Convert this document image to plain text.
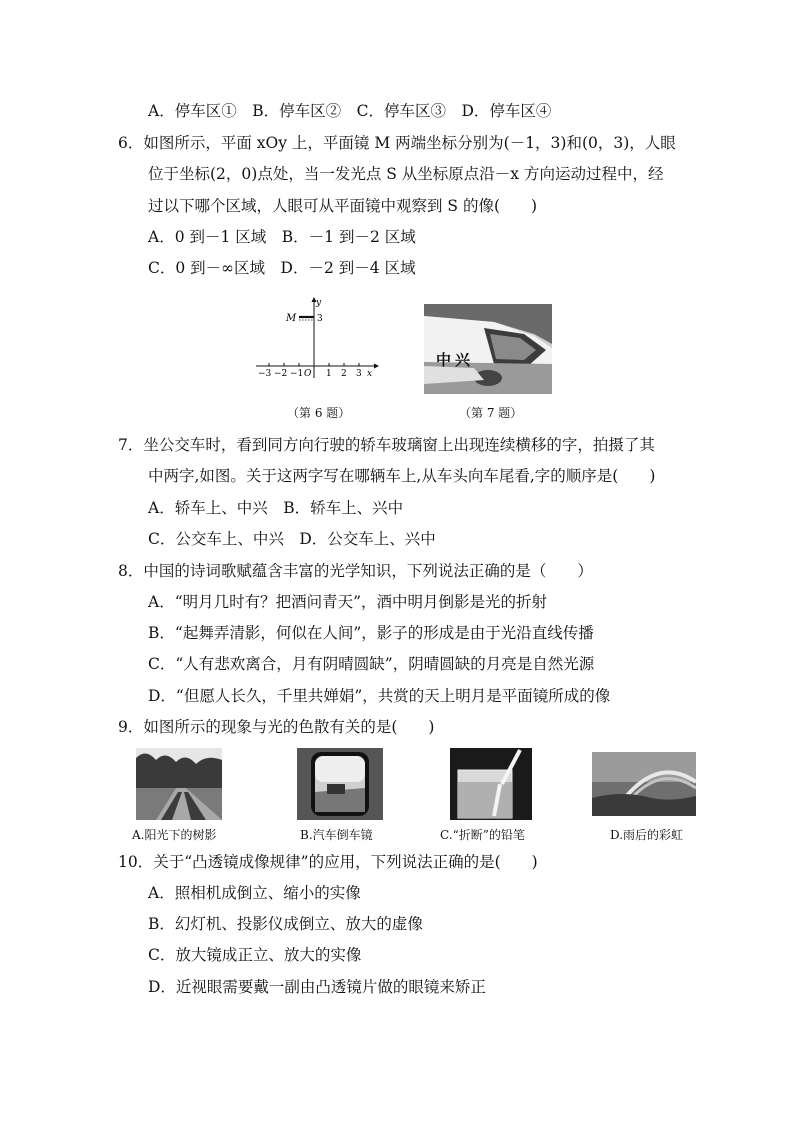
A．停车区①　B．停车区②　C．停车区③　D．停车区④
6．如图所示，平面 xOy 上，平面镜 M 两端坐标分别为(－1，3)和(0，3)，人眼
位于坐标(2，0)点处，当一发光点 S 从坐标原点沿－x 方向运动过程中，经
过以下哪个区域，人眼可从平面镜中观察到 S 的像(　　)
A．0 到－1 区域　B．－1 到－2 区域
C．0 到－∞区域　D．－2 到－4 区域
M
y
3
x
O
−3 −2 −1	1 2 3
（第 6 题）
中兴
（第 7 题）
7．坐公交车时，看到同方向行驶的轿车玻璃窗上出现连续横移的字，拍摄了其
中两字,如图。关于这两字写在哪辆车上,从车头向车尾看,字的顺序是(　　)
A．轿车上、中兴　B．轿车上、兴中
C．公交车上、中兴　D．公交车上、兴中
8．中国的诗词歌赋蕴含丰富的光学知识，下列说法正确的是（　　）
A．“明月几时有？把酒问青天”，酒中明月倒影是光的折射
B．“起舞弄清影，何似在人间”，影子的形成是由于光沿直线传播
C．“人有悲欢离合，月有阴晴圆缺”，阴晴圆缺的月亮是自然光源
D．“但愿人长久，千里共婵娟”，共赏的天上明月是平面镜所成的像
9．如图所示的现象与光的色散有关的是(　　)
A.阳光下的树影	B.汽车倒车镜	C.“折断”的铅笔	D.雨后的彩虹
10．关于“凸透镜成像规律”的应用，下列说法正确的是(　　)
A．照相机成倒立、缩小的实像
B．幻灯机、投影仪成倒立、放大的虚像
C．放大镜成正立、放大的实像
D．近视眼需要戴一副由凸透镜片做的眼镜来矫正
